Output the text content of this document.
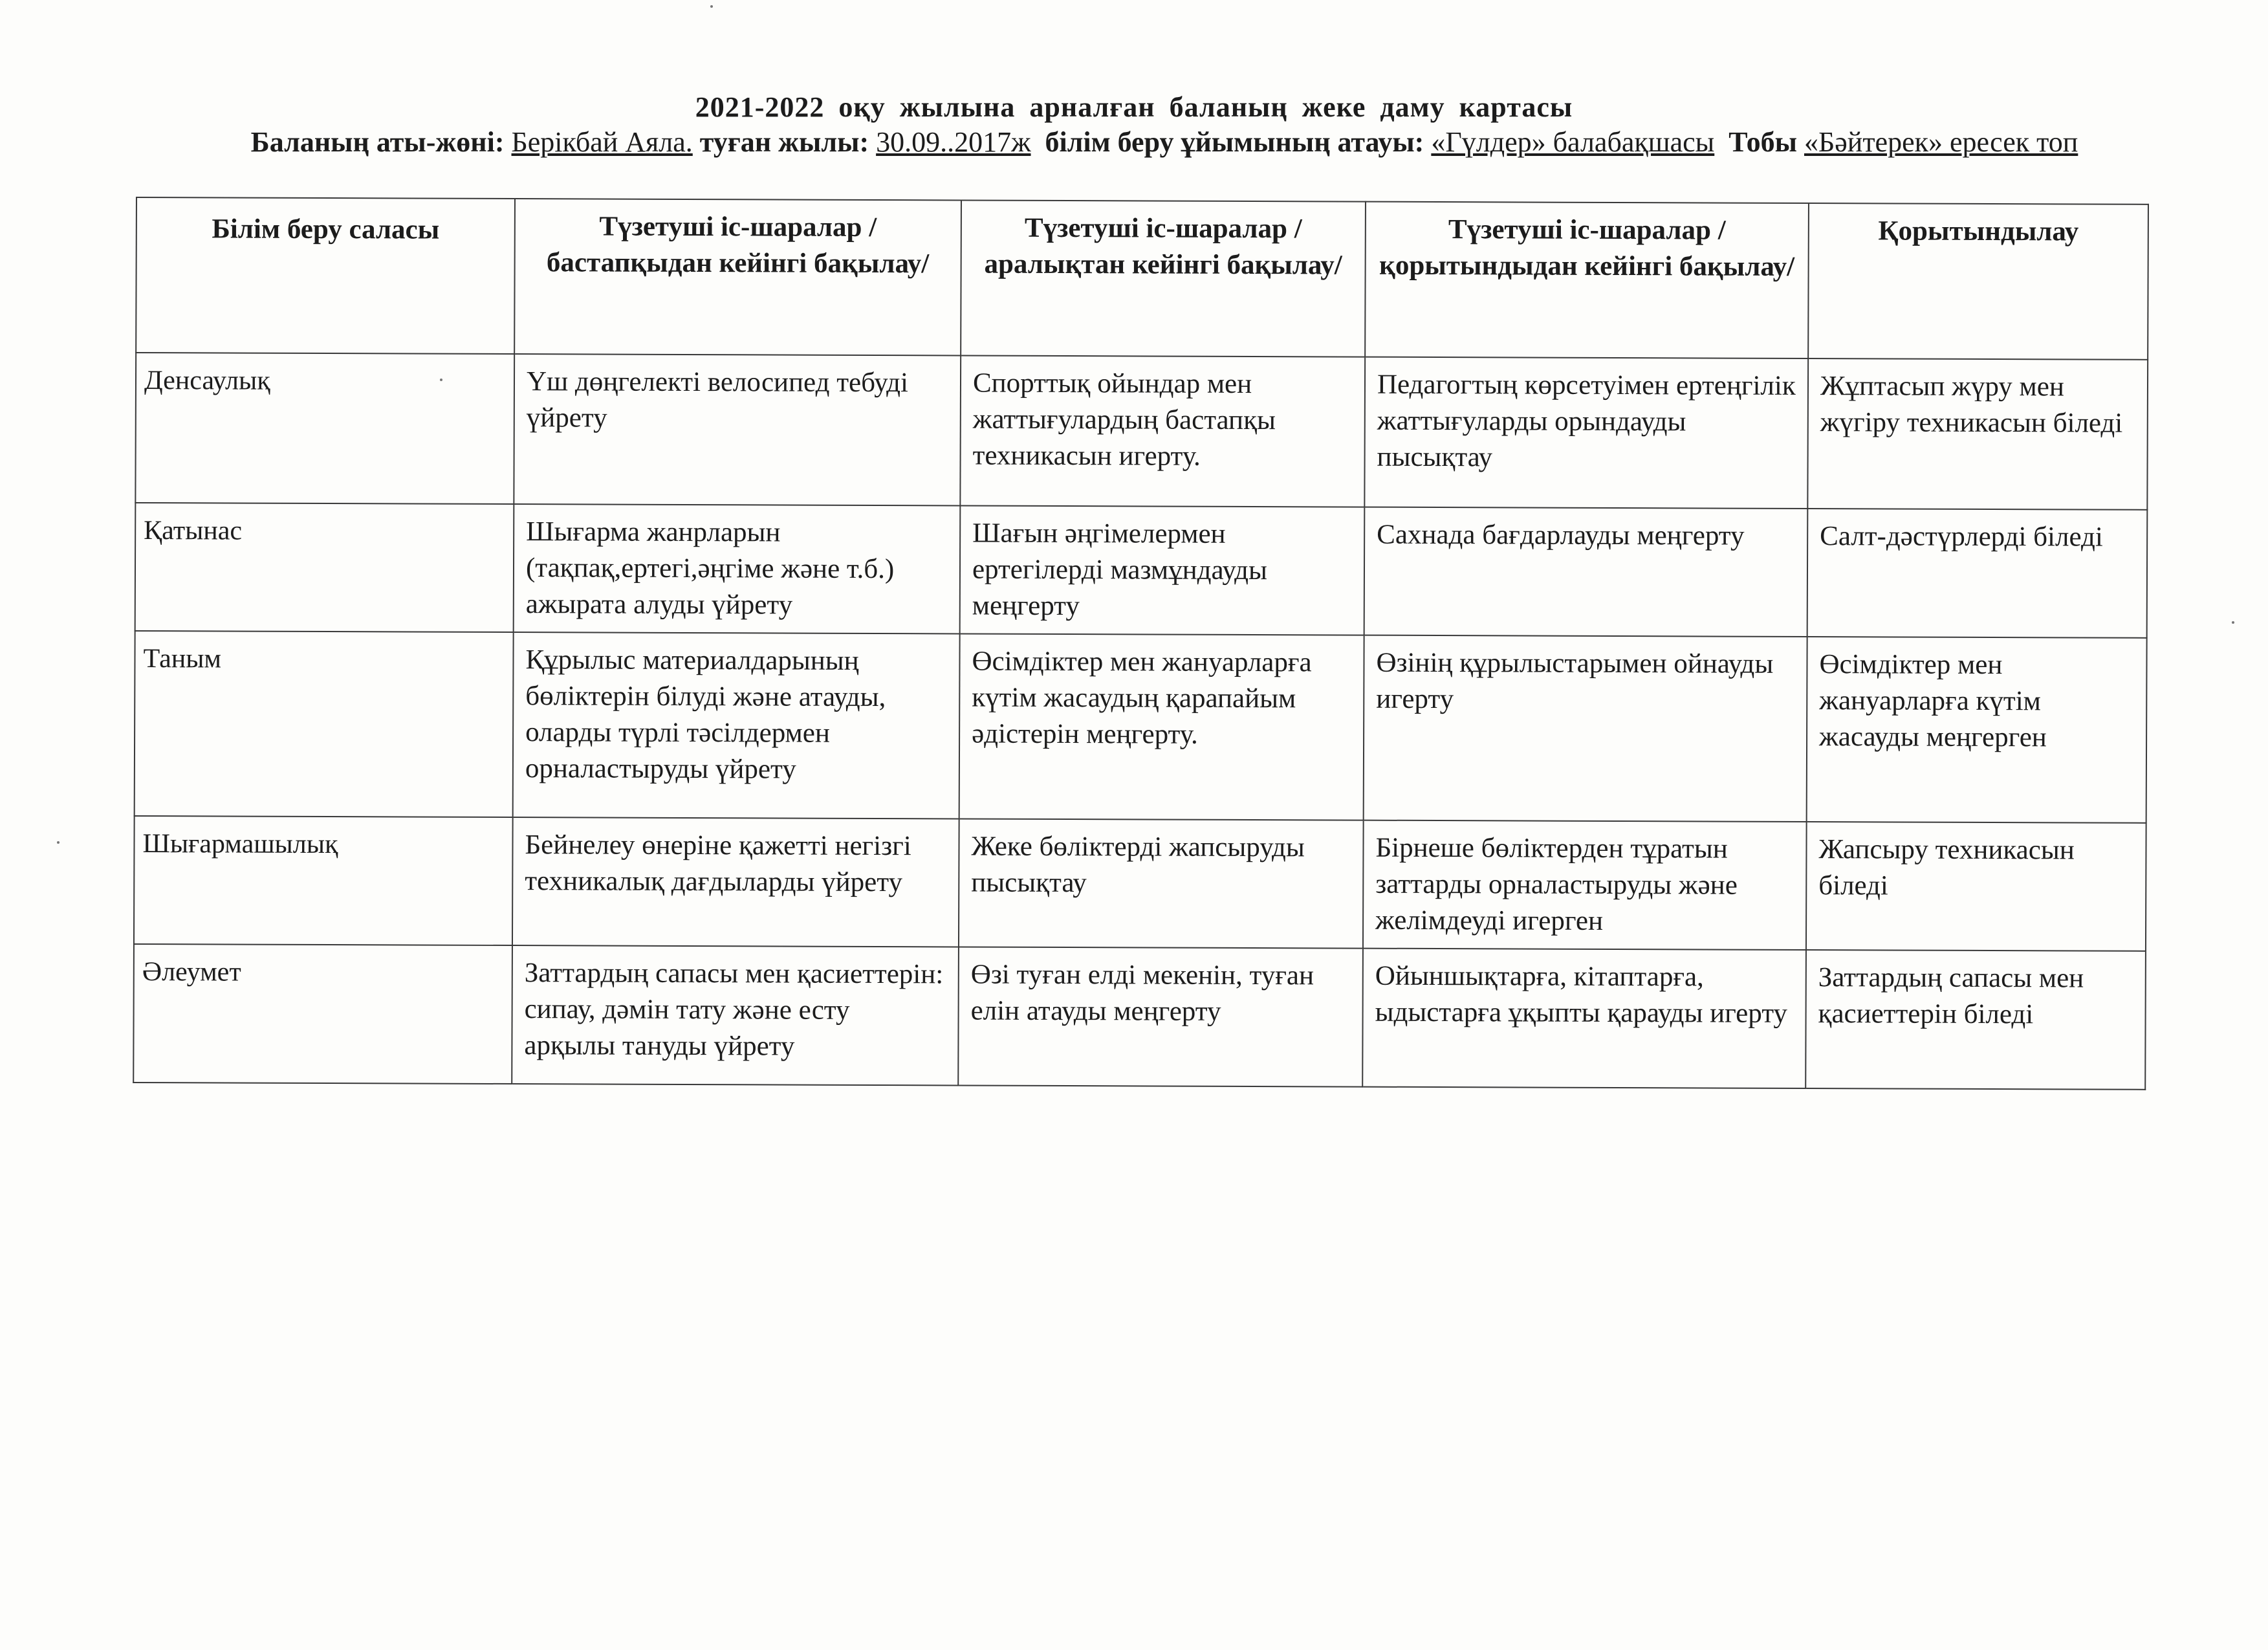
2021-2022 оқу жылына арналған баланың жеке даму картасы
Баланың аты-жөні: Берікбай Аяла. туған жылы: 30.09..2017ж білім беру ұйымының атауы: «Гүлдер» балабақшасы Тобы «Бәйтерек» ересек топ
Білім беру саласы	Түзетуші іс-шаралар /бастапқыдан кейінгі бақылау/	Түзетуші іс-шаралар / аралықтан кейінгі бақылау/	Түзетуші іс-шаралар / қорытындыдан кейінгі бақылау/	Қорытындылау
Денсаулық	Үш дөңгелекті велосипед тебуді үйрету	Спорттық ойындар мен жаттығулардың бастапқы техникасын игерту.	Педагогтың көрсетуімен ертеңгілік жаттығуларды орындауды пысықтау	Жұптасып жүру мен жүгіру техникасын біледі
Қатынас	Шығарма жанрларын (тақпақ,ертегі,әңгіме және т.б.) ажырата алуды үйрету	Шағын әңгімелермен ертегілерді мазмұндауды меңгерту	Сахнада бағдарлауды меңгерту	Салт-дәстүрлерді біледі
Таным	Құрылыс материалдарының бөліктерін білуді және атауды, оларды түрлі тәсілдермен орналастыруды үйрету	Өсімдіктер мен жануарларға күтім жасаудың қарапайым әдістерін меңгерту.	Өзінің құрылыстарымен ойнауды игерту	Өсімдіктер мен жануарларға күтім жасауды меңгерген
Шығармашылық	Бейнелеу өнеріне қажетті негізгі техникалық дағдыларды үйрету	Жеке бөліктерді жапсыруды пысықтау	Бірнеше бөліктерден тұратын заттарды орналастыруды және желімдеуді игерген	Жапсыру техникасын біледі
Әлеумет	Заттардың сапасы мен қасиеттерін: сипау, дәмін тату және есту арқылы тануды үйрету	Өзі туған елді мекенін, туған елін атауды меңгерту	Ойыншықтарға, кітаптарға, ыдыстарға ұқыпты қарауды игерту	Заттардың сапасы мен қасиеттерін біледі
